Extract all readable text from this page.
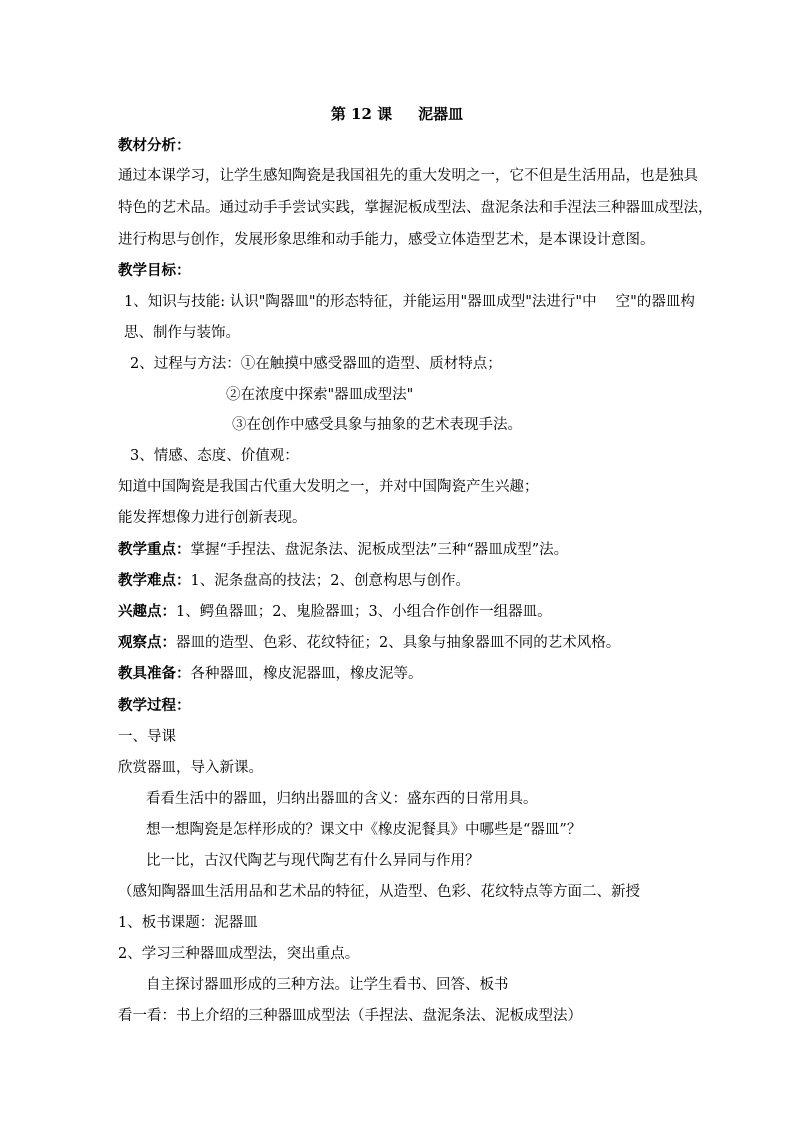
第 12 课 泥器皿
教材分析：
通过本课学习，让学生感知陶瓷是我国祖先的重大发明之一，它不但是生活用品，也是独具
特色的艺术品。通过动手手尝试实践，掌握泥板成型法、盘泥条法和手涅法三种器皿成型法，
进行构思与创作，发展形象思维和动手能力，感受立体造型艺术，是本课设计意图。
教学目标：
1、知识与技能: 认识"陶器皿"的形态特征，并能运用"器皿成型"法进行"中　 空"的器皿构
思、制作与装饰。
2、过程与方法：①在触摸中感受器皿的造型、质材特点；
②在浓度中探索"器皿成型法"
③在创作中感受具象与抽象的艺术表现手法。
3、情感、态度、价值观：
知道中国陶瓷是我国古代重大发明之一，并对中国陶瓷产生兴趣；
能发挥想像力进行创新表现。
教学重点：掌握“手捏法、盘泥条法、泥板成型法”三种“器皿成型”法。
教学难点：1、泥条盘高的技法；2、创意构思与创作。
兴趣点：1、鳄鱼器皿；2、鬼脸器皿；3、小组合作创作一组器皿。
观察点：器皿的造型、色彩、花纹特征；2、具象与抽象器皿不同的艺术风格。
教具准备：各种器皿，橡皮泥器皿，橡皮泥等。
教学过程：
一、导课
欣赏器皿，导入新课。
看看生活中的器皿，归纳出器皿的含义：盛东西的日常用具。
想一想陶瓷是怎样形成的？课文中《橡皮泥餐具》中哪些是“器皿”？
比一比，古汉代陶艺与现代陶艺有什么异同与作用？
（感知陶器皿生活用品和艺术品的特征，从造型、色彩、花纹特点等方面二、新授
1、板书课题：泥器皿
2、学习三种器皿成型法，突出重点。
自主探讨器皿形成的三种方法。让学生看书、回答、板书
看一看：书上介绍的三种器皿成型法（手捏法、盘泥条法、泥板成型法）
